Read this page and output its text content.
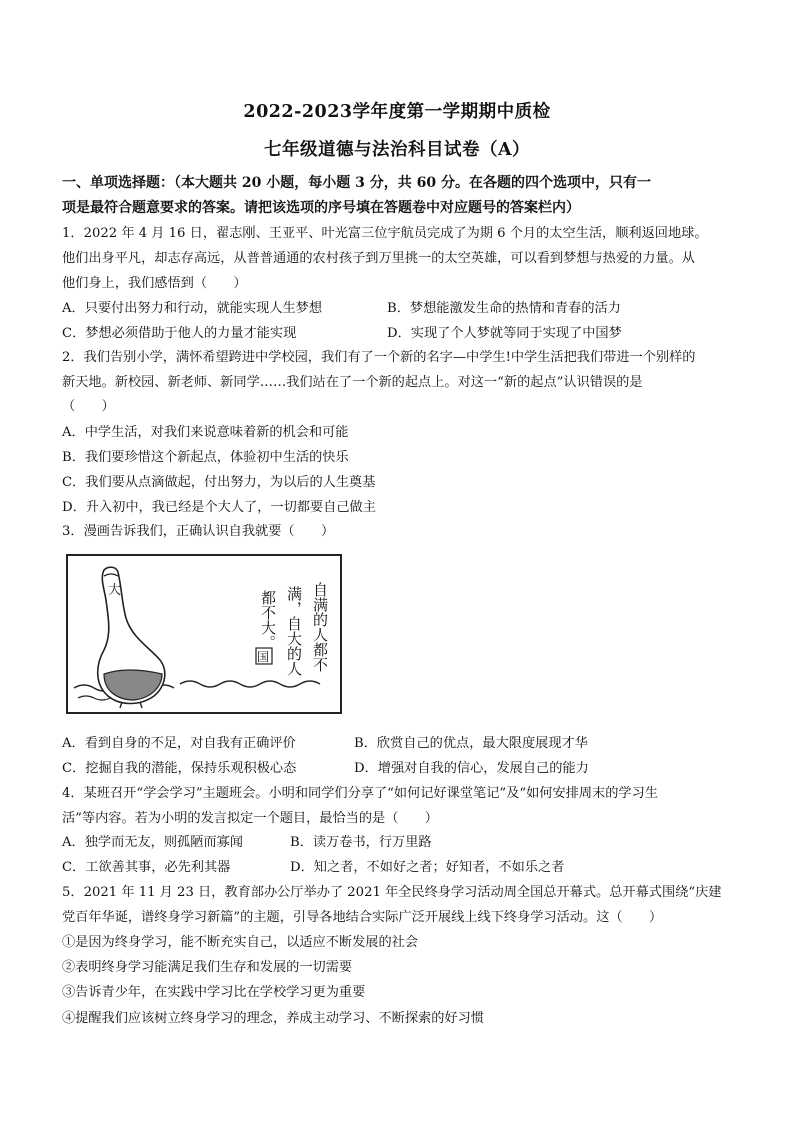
2022-2023学年度第一学期期中质检
七年级道德与法治科目试卷（A）
一、单项选择题：（本大题共 20 小题，每小题 3 分，共 60 分。在各题的四个选项中，只有一
项是最符合题意要求的答案。请把该选项的序号填在答题卷中对应题号的答案栏内）
1．2022 年 4 月 16 日，翟志刚、王亚平、叶光富三位宇航员完成了为期 6 个月的太空生活，顺利返回地球。
他们出身平凡，却志存高远，从普普通通的农村孩子到万里挑一的太空英雄，可以看到梦想与热爱的力量。从
他们身上，我们感悟到（　　）
A．只要付出努力和行动，就能实现人生梦想	B．梦想能激发生命的热情和青春的活力
C．梦想必须借助于他人的力量才能实现	D．实现了个人梦就等同于实现了中国梦
2．我们告别小学，满怀希望跨进中学校园，我们有了一个新的名字—中学生!中学生活把我们带进一个别样的
新天地。新校园、新老师、新同学……我们站在了一个新的起点上。对这一“新的起点”认识错误的是
（　　）
A．中学生活，对我们来说意味着新的机会和可能
B．我们要珍惜这个新起点，体验初中生活的快乐
C．我们要从点滴做起，付出努力，为以后的人生奠基
D．升入初中，我已经是个大人了，一切都要自己做主
3．漫画告诉我们，正确认识自我就要（　　）
大	自满的人都不
满，自大的人
都不大。
国
A．看到自身的不足，对自我有正确评价	B．欣赏自己的优点，最大限度展现才华
C．挖掘自我的潜能，保持乐观积极心态	D．增强对自我的信心，发展自己的能力
4．某班召开“学会学习”主题班会。小明和同学们分享了“如何记好课堂笔记”及“如何安排周末的学习生
活”等内容。若为小明的发言拟定一个题目，最恰当的是（　　）
A．独学而无友，则孤陋而寡闻	B．读万卷书，行万里路
C．工欲善其事，必先利其器	D．知之者，不如好之者；好知者，不如乐之者
5．2021 年 11 月 23 日，教育部办公厅举办了 2021 年全民终身学习活动周全国总开幕式。总开幕式围绕“庆建
党百年华诞，谱终身学习新篇”的主题，引导各地结合实际广泛开展线上线下终身学习活动。这（　　）
①是因为终身学习，能不断充实自己，以适应不断发展的社会
②表明终身学习能满足我们生存和发展的一切需要
③告诉青少年，在实践中学习比在学校学习更为重要
④提醒我们应该树立终身学习的理念，养成主动学习、不断探索的好习惯
